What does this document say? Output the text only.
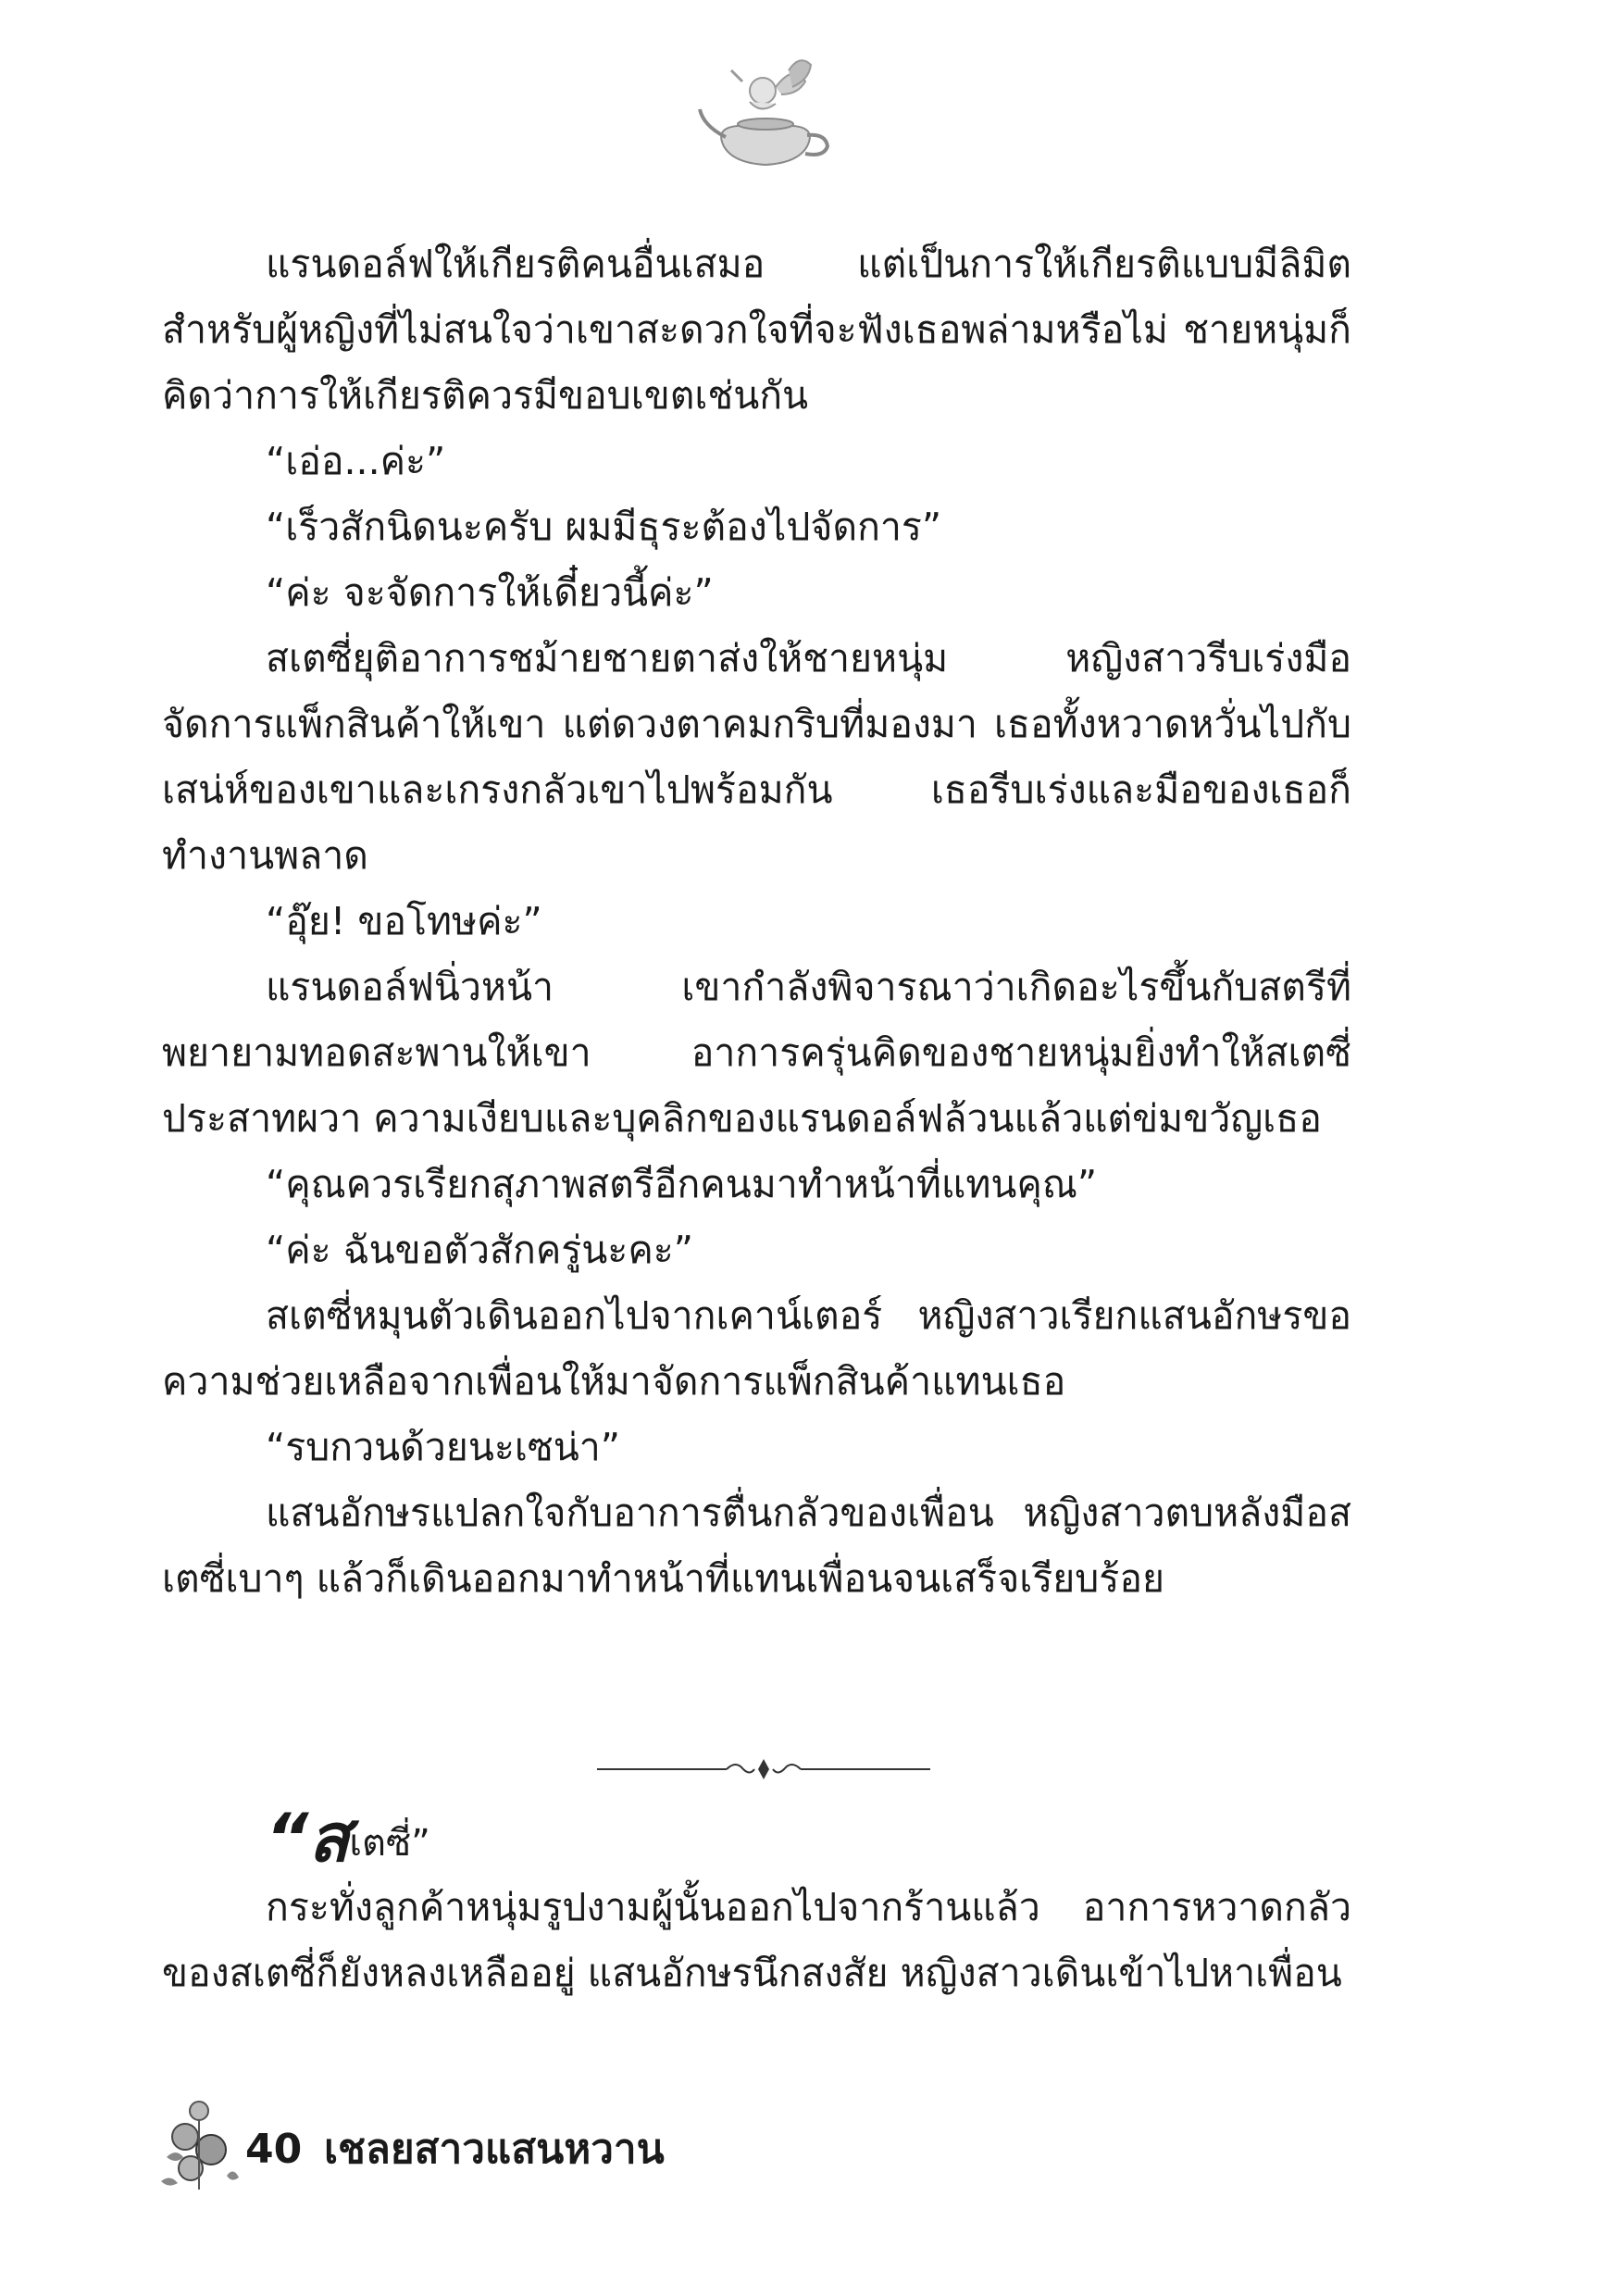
แรนดอล์ฟให้เกียรติคนอื่นเสมอ แต่เป็นการให้เกียรติแบบมีลิมิตสำหรับผู้หญิงที่ไม่สนใจว่าเขาสะดวกใจที่จะฟังเธอพล่ามหรือไม่ ชายหนุ่มก็คิดว่าการให้เกียรติควรมีขอบเขตเช่นกัน

“เอ่อ...ค่ะ”

“เร็วสักนิดนะครับ ผมมีธุระต้องไปจัดการ”

“ค่ะ จะจัดการให้เดี๋ยวนี้ค่ะ”

สเตซี่ยุติอาการชม้ายชายตาส่งให้ชายหนุ่ม หญิงสาวรีบเร่งมือจัดการแพ็กสินค้าให้เขา แต่ดวงตาคมกริบที่มองมา เธอทั้งหวาดหวั่นไปกับเสน่ห์ของเขาและเกรงกลัวเขาไปพร้อมกัน เธอรีบเร่งและมือของเธอก็ทำงานพลาด

“อุ๊ย! ขอโทษค่ะ”

แรนดอล์ฟนิ่วหน้า เขากำลังพิจารณาว่าเกิดอะไรขึ้นกับสตรีที่พยายามทอดสะพานให้เขา อาการครุ่นคิดของชายหนุ่มยิ่งทำให้สเตซี่ประสาทผวา ความเงียบและบุคลิกของแรนดอล์ฟล้วนแล้วแต่ข่มขวัญเธอ

“คุณควรเรียกสุภาพสตรีอีกคนมาทำหน้าที่แทนคุณ”

“ค่ะ ฉันขอตัวสักครู่นะคะ”

สเตซี่หมุนตัวเดินออกไปจากเคาน์เตอร์ หญิงสาวเรียกแสนอักษรขอความช่วยเหลือจากเพื่อนให้มาจัดการแพ็กสินค้าแทนเธอ

“รบกวนด้วยนะเซน่า”

แสนอักษรแปลกใจกับอาการตื่นกลัวของเพื่อน หญิงสาวตบหลังมือสเตซี่เบาๆ แล้วก็เดินออกมาทำหน้าที่แทนเพื่อนจนเสร็จเรียบร้อย

“สเตซี่”

กระทั่งลูกค้าหนุ่มรูปงามผู้นั้นออกไปจากร้านแล้ว อาการหวาดกลัวของสเตซี่ก็ยังหลงเหลืออยู่ แสนอักษรนึกสงสัย หญิงสาวเดินเข้าไปหาเพื่อน

40 เชลยสาวแสนหวาน
